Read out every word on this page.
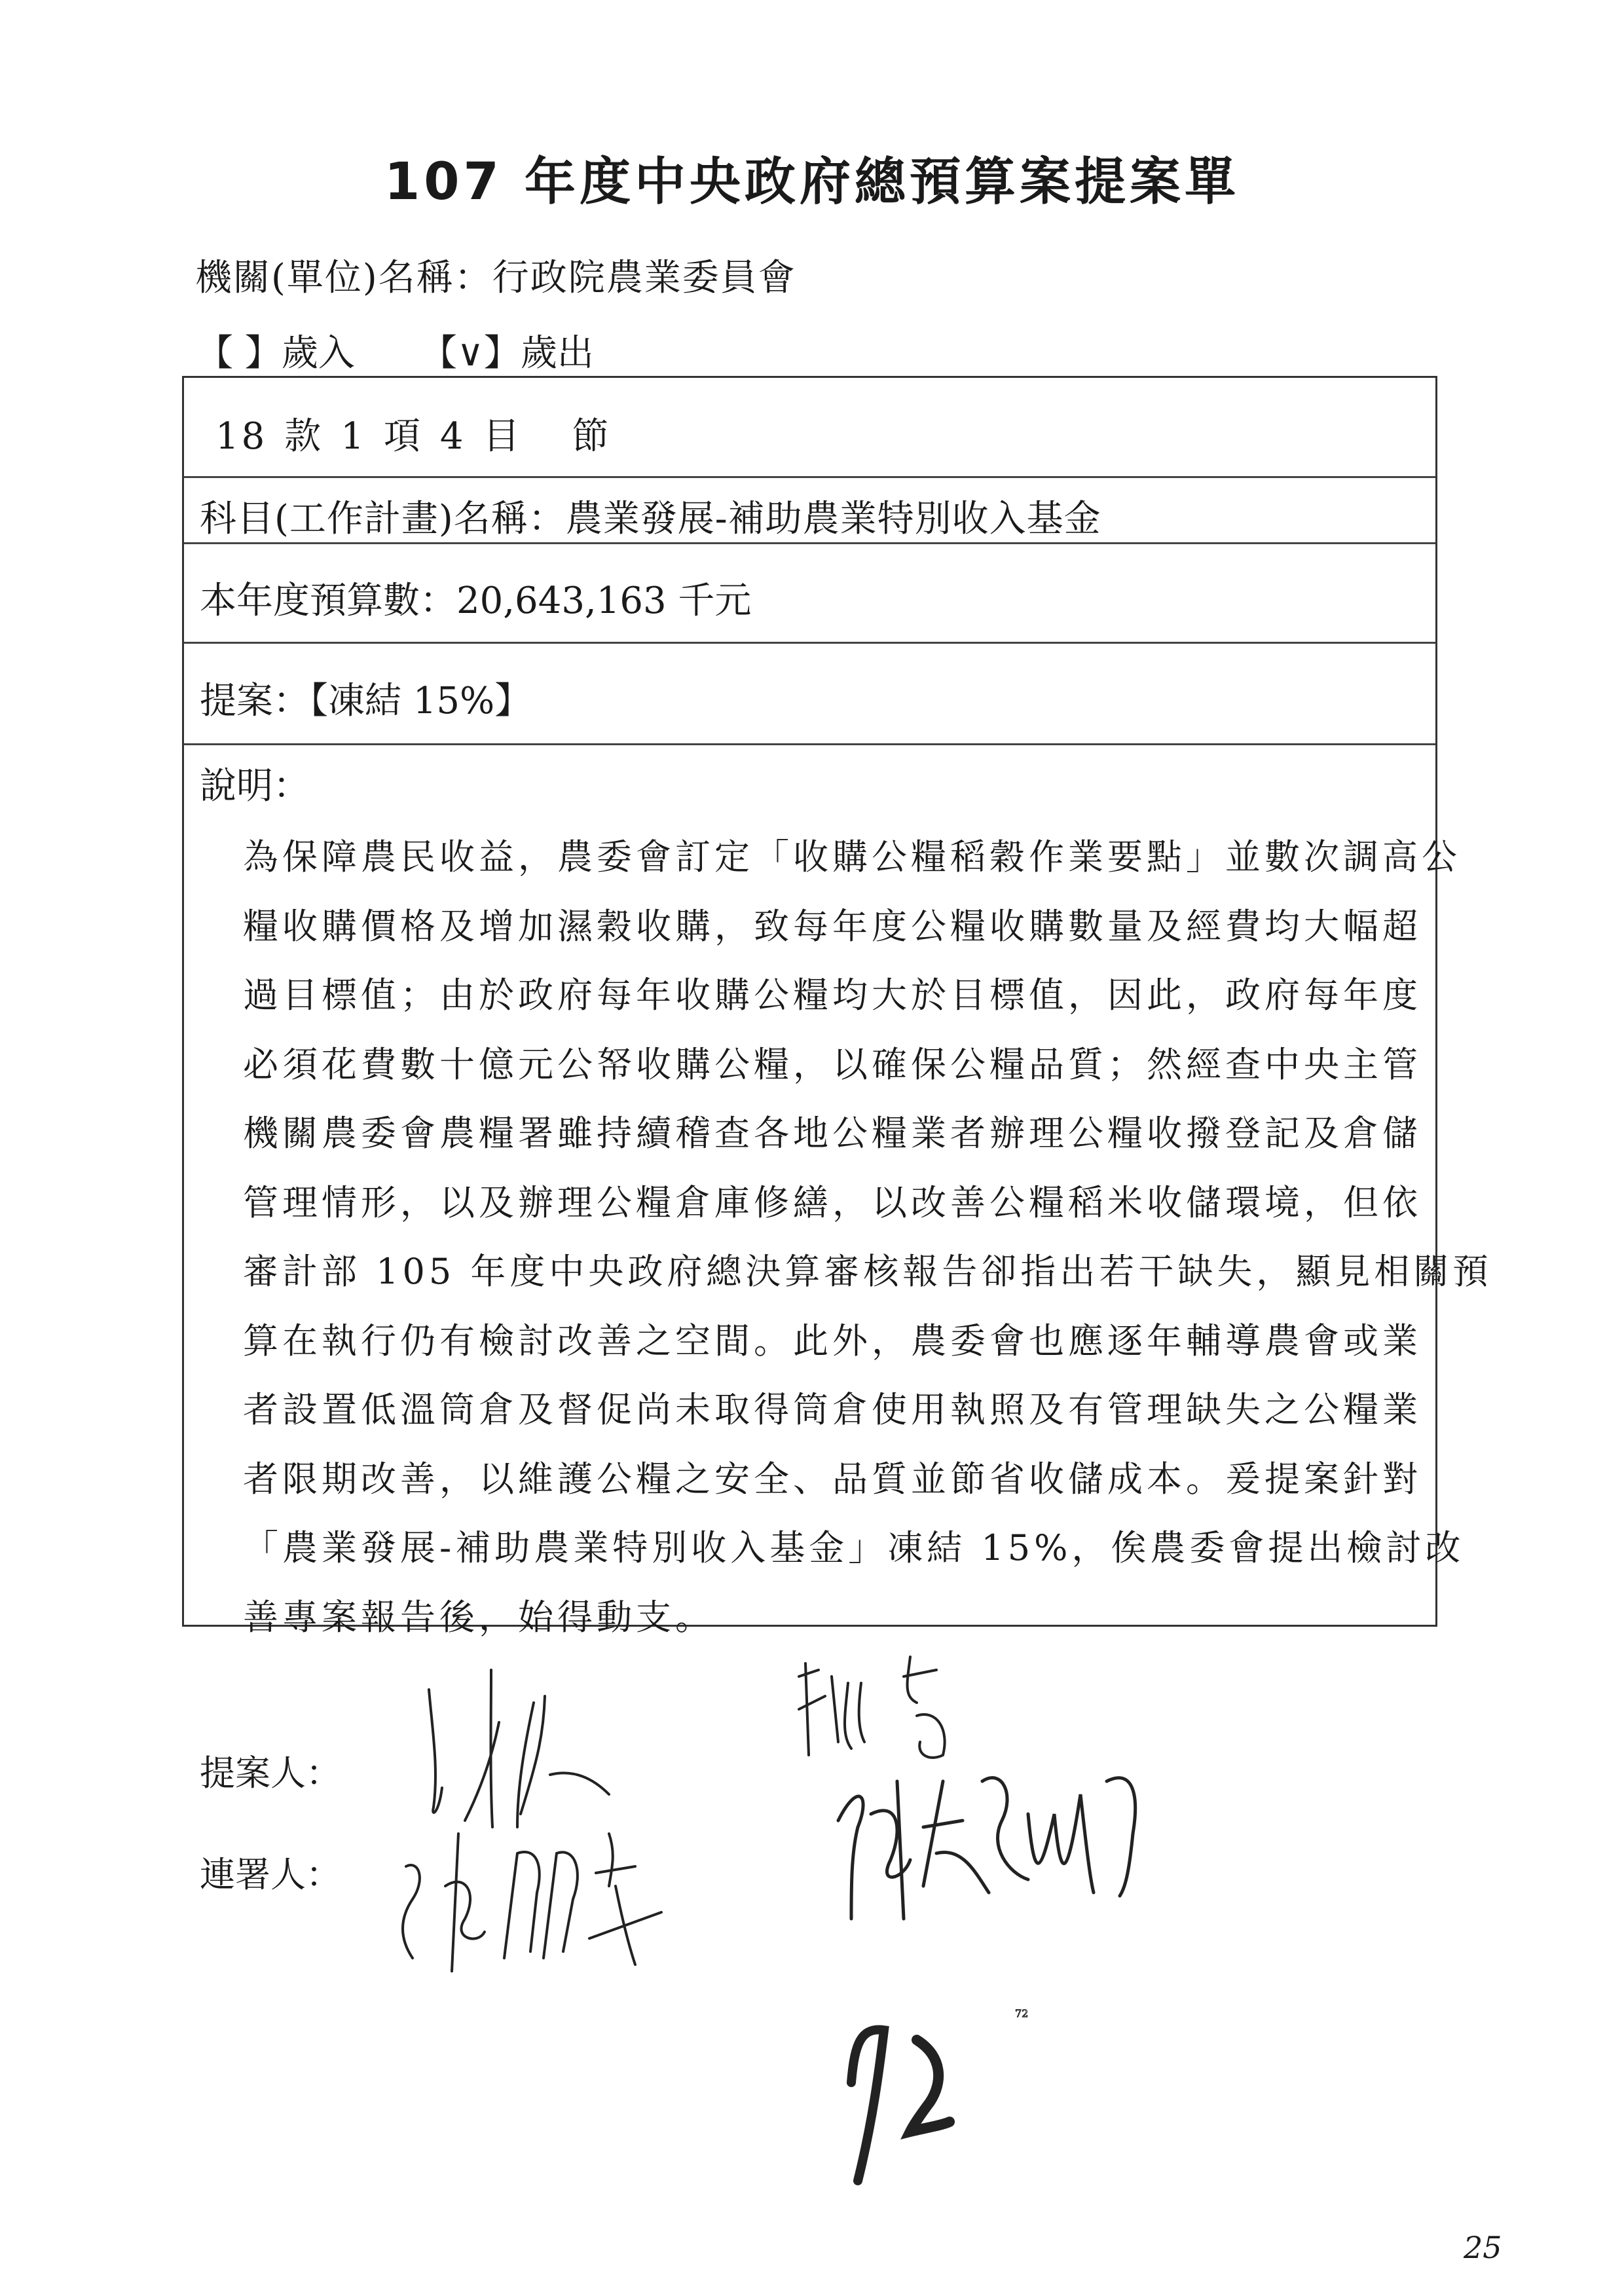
107 年度中央政府總預算案提案單
機關(單位)名稱：行政院農業委員會
【 】歲入 【∨】歲出
18 款 1 項 4 目 節
科目(工作計畫)名稱：農業發展-補助農業特別收入基金
本年度預算數：20,643,163 千元
提案：【凍結 15%】
說明：
為保障農民收益，農委會訂定「收購公糧稻穀作業要點」並數次調高公
糧收購價格及增加濕穀收購，致每年度公糧收購數量及經費均大幅超
過目標值；由於政府每年收購公糧均大於目標值，因此，政府每年度
必須花費數十億元公帑收購公糧，以確保公糧品質；然經查中央主管
機關農委會農糧署雖持續稽查各地公糧業者辦理公糧收撥登記及倉儲
管理情形，以及辦理公糧倉庫修繕，以改善公糧稻米收儲環境，但依
審計部 105 年度中央政府總決算審核報告卻指出若干缺失，顯見相關預
算在執行仍有檢討改善之空間。此外，農委會也應逐年輔導農會或業
者設置低溫筒倉及督促尚未取得筒倉使用執照及有管理缺失之公糧業
者限期改善，以維護公糧之安全、品質並節省收儲成本。爰提案針對
「農業發展-補助農業特別收入基金」凍結 15%，俟農委會提出檢討改
善專案報告後，始得動支。
提案人：
連署人：
72
25
